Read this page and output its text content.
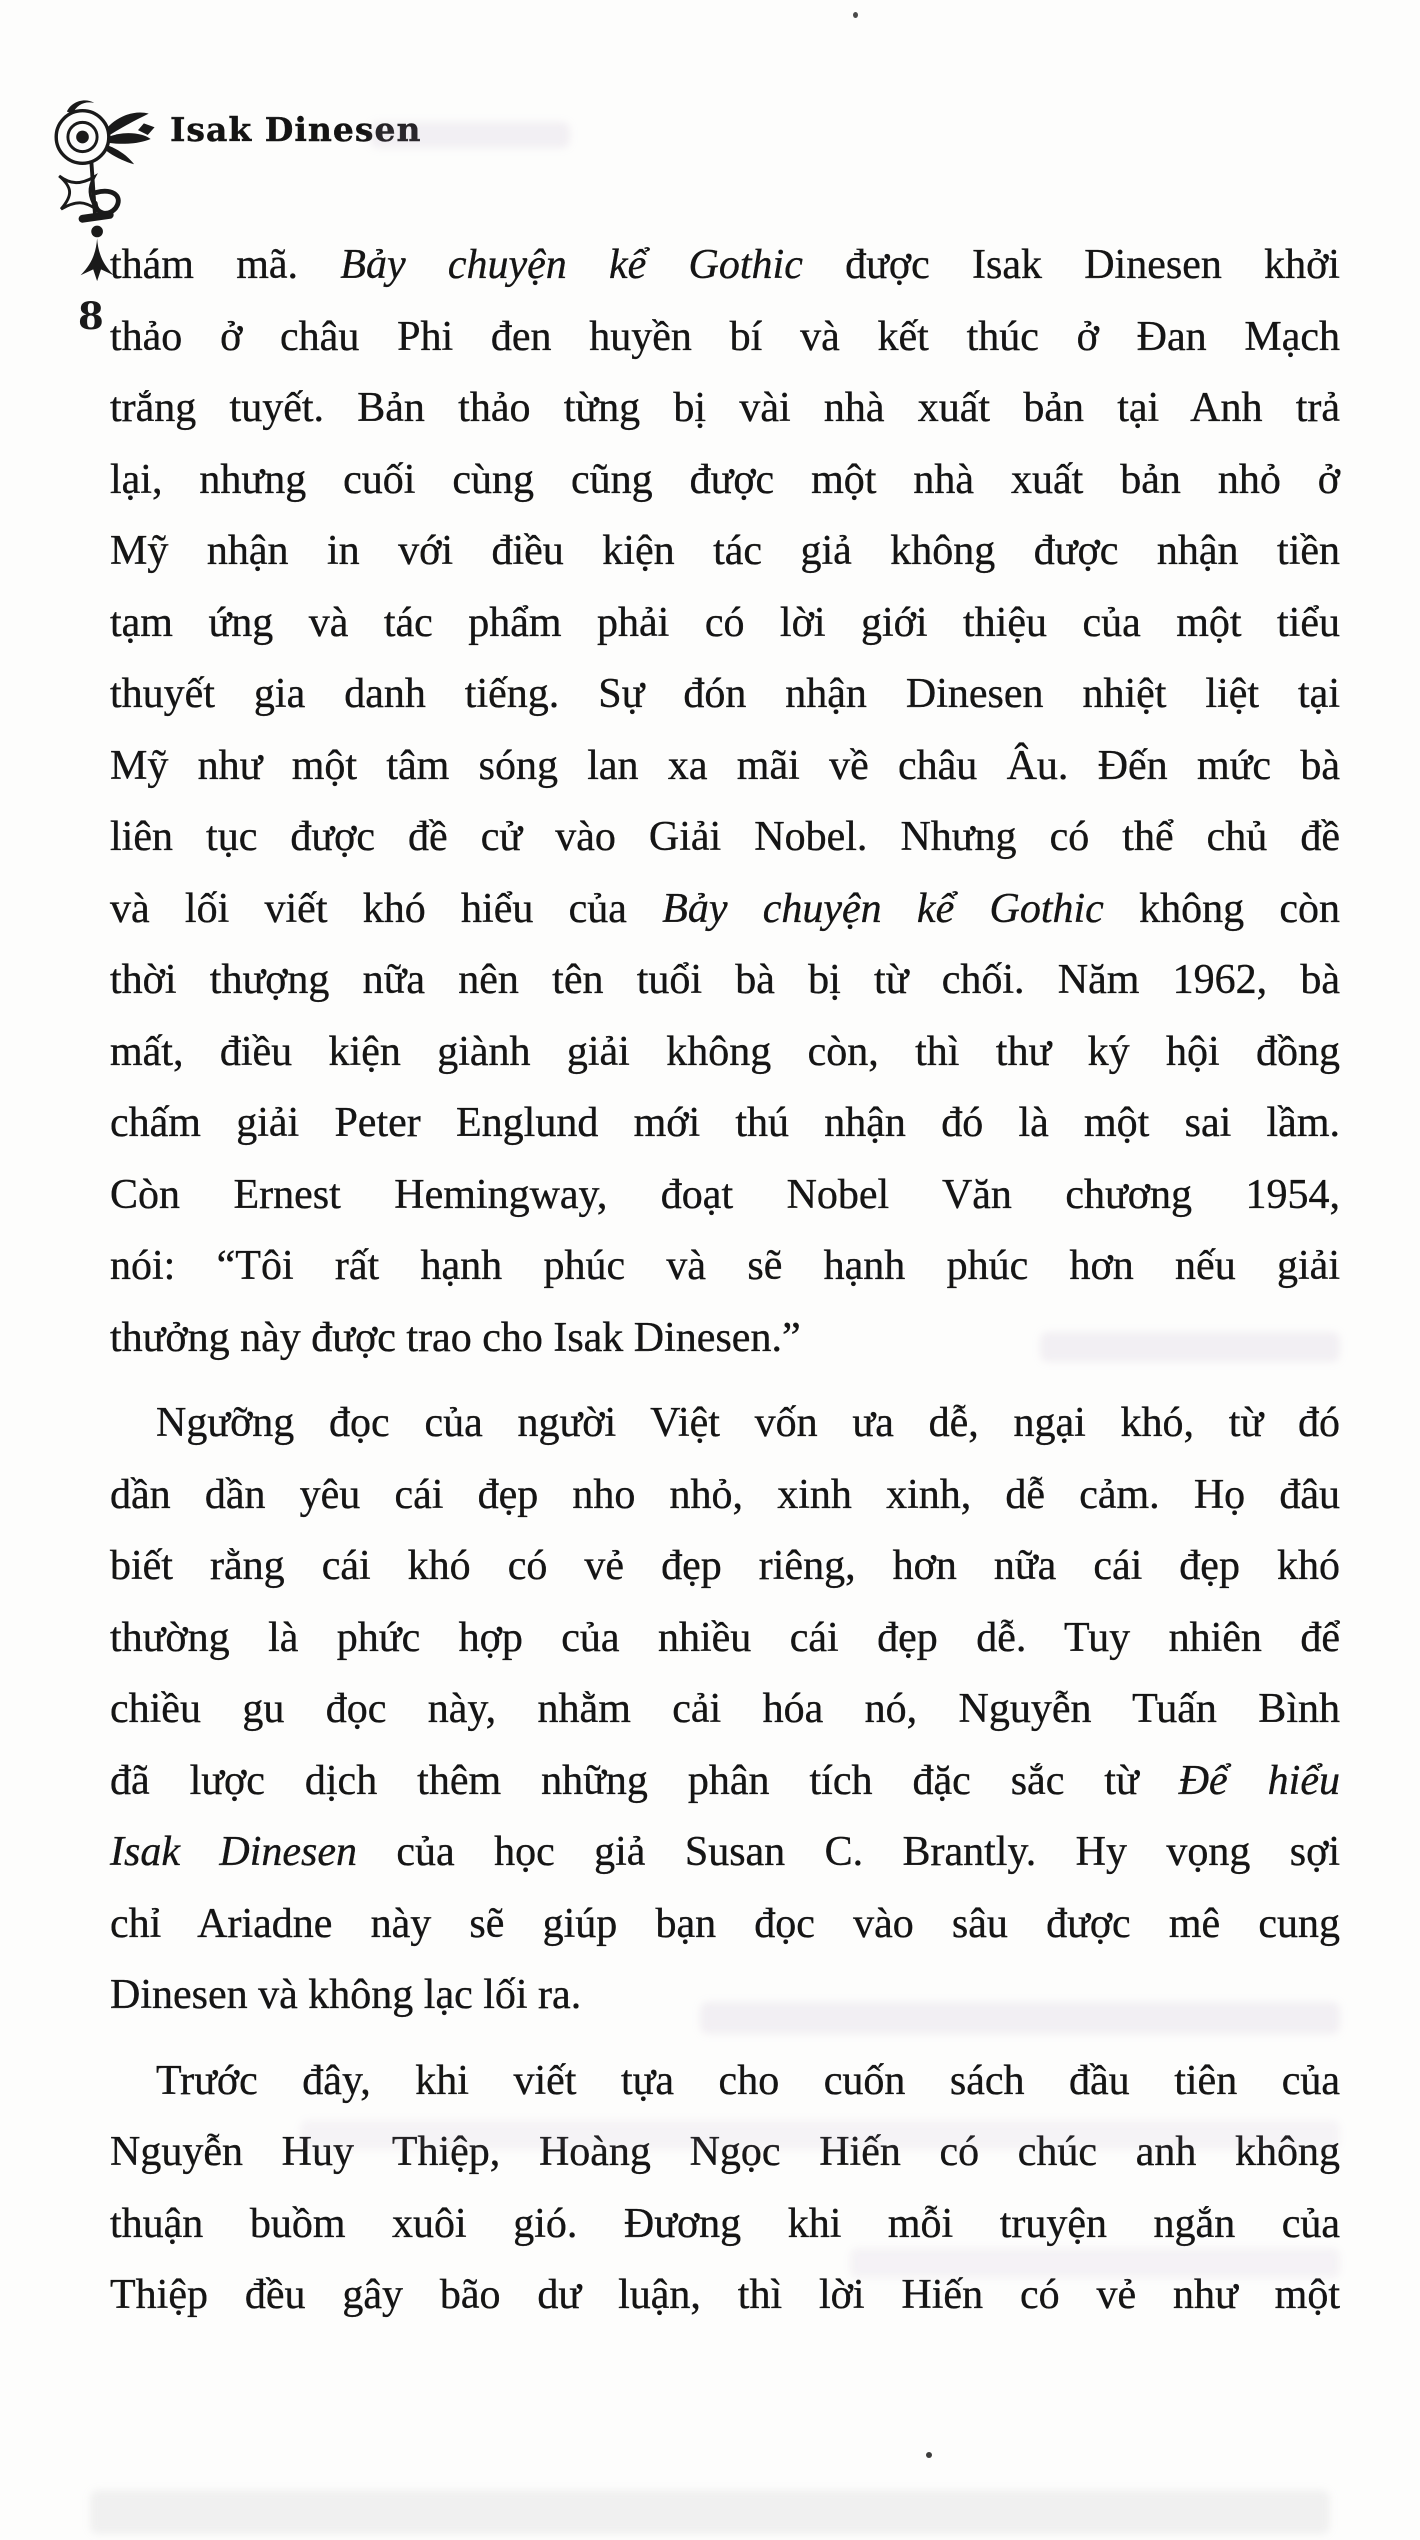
Isak Dinesen
8
thám mã. Bảy chuyện kể Gothic được Isak Dinesen khởi
thảo ở châu Phi đen huyền bí và kết thúc ở Đan Mạch
trắng tuyết. Bản thảo từng bị vài nhà xuất bản tại Anh trả
lại, nhưng cuối cùng cũng được một nhà xuất bản nhỏ ở
Mỹ nhận in với điều kiện tác giả không được nhận tiền
tạm ứng và tác phẩm phải có lời giới thiệu của một tiểu
thuyết gia danh tiếng. Sự đón nhận Dinesen nhiệt liệt tại
Mỹ như một tâm sóng lan xa mãi về châu Âu. Đến mức bà
liên tục được đề cử vào Giải Nobel. Nhưng có thể chủ đề
và lối viết khó hiểu của Bảy chuyện kể Gothic không còn
thời thượng nữa nên tên tuổi bà bị từ chối. Năm 1962, bà
mất, điều kiện giành giải không còn, thì thư ký hội đồng
chấm giải Peter Englund mới thú nhận đó là một sai lầm.
Còn Ernest Hemingway, đoạt Nobel Văn chương 1954,
nói: “Tôi rất hạnh phúc và sẽ hạnh phúc hơn nếu giải
thưởng này được trao cho Isak Dinesen.”
Ngưỡng đọc của người Việt vốn ưa dễ, ngại khó, từ đó
dần dần yêu cái đẹp nho nhỏ, xinh xinh, dễ cảm. Họ đâu
biết rằng cái khó có vẻ đẹp riêng, hơn nữa cái đẹp khó
thường là phức hợp của nhiều cái đẹp dễ. Tuy nhiên để
chiều gu đọc này, nhằm cải hóa nó, Nguyễn Tuấn Bình
đã lược dịch thêm những phân tích đặc sắc từ Để hiểu
Isak Dinesen của học giả Susan C. Brantly. Hy vọng sợi
chỉ Ariadne này sẽ giúp bạn đọc vào sâu được mê cung
Dinesen và không lạc lối ra.
Trước đây, khi viết tựa cho cuốn sách đầu tiên của
Nguyễn Huy Thiệp, Hoàng Ngọc Hiến có chúc anh không
thuận buồm xuôi gió. Đương khi mỗi truyện ngắn của
Thiệp đều gây bão dư luận, thì lời Hiến có vẻ như một
